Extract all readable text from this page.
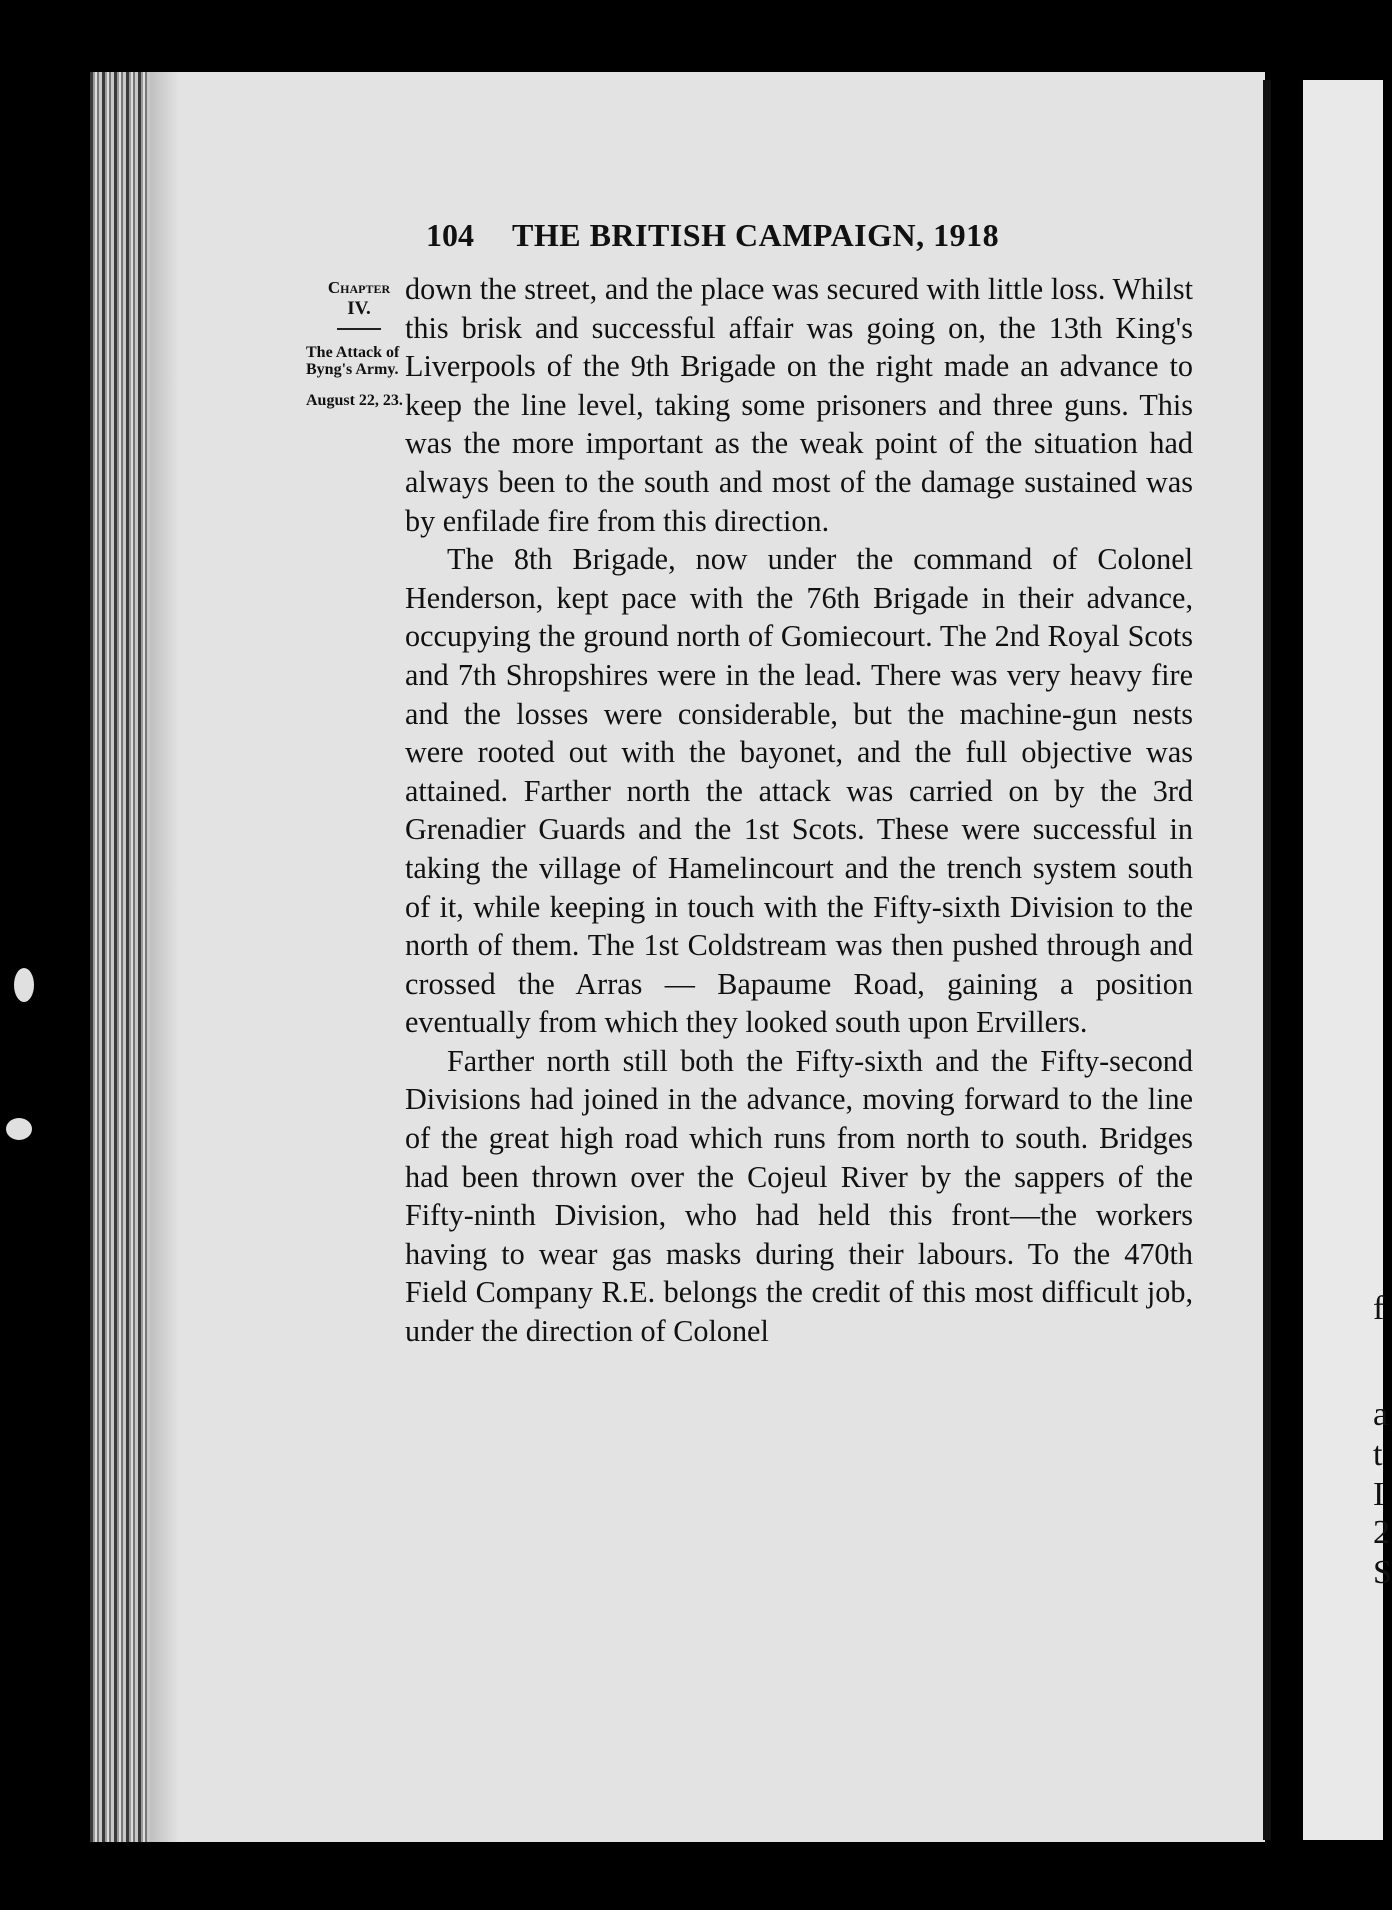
f
a
t
I
2
S
104 THE BRITISH CAMPAIGN, 1918
Chapter
IV.
The Attack of Byng's Army.
August 22, 23.

down the street, and the place was secured with little loss. Whilst this brisk and successful affair was going on, the 13th King's Liverpools of the 9th Brigade on the right made an advance to keep the line level, taking some prisoners and three guns. This was the more important as the weak point of the situation had always been to the south and most of the damage sustained was by enfilade fire from this direction.

The 8th Brigade, now under the command of Colonel Henderson, kept pace with the 76th Brigade in their advance, occupying the ground north of Gomiecourt. The 2nd Royal Scots and 7th Shropshires were in the lead. There was very heavy fire and the losses were considerable, but the machine-gun nests were rooted out with the bayonet, and the full objective was attained. Farther north the attack was carried on by the 3rd Grenadier Guards and the 1st Scots. These were successful in taking the village of Hamelincourt and the trench system south of it, while keeping in touch with the Fifty-sixth Division to the north of them. The 1st Coldstream was then pushed through and crossed the Arras — Bapaume Road, gaining a position eventually from which they looked south upon Ervillers.

Farther north still both the Fifty-sixth and the Fifty-second Divisions had joined in the advance, moving forward to the line of the great high road which runs from north to south. Bridges had been thrown over the Cojeul River by the sappers of the Fifty-ninth Division, who had held this front—the workers having to wear gas masks during their labours. To the 470th Field Company R.E. belongs the credit of this most difficult job, under the direction of Colonel
